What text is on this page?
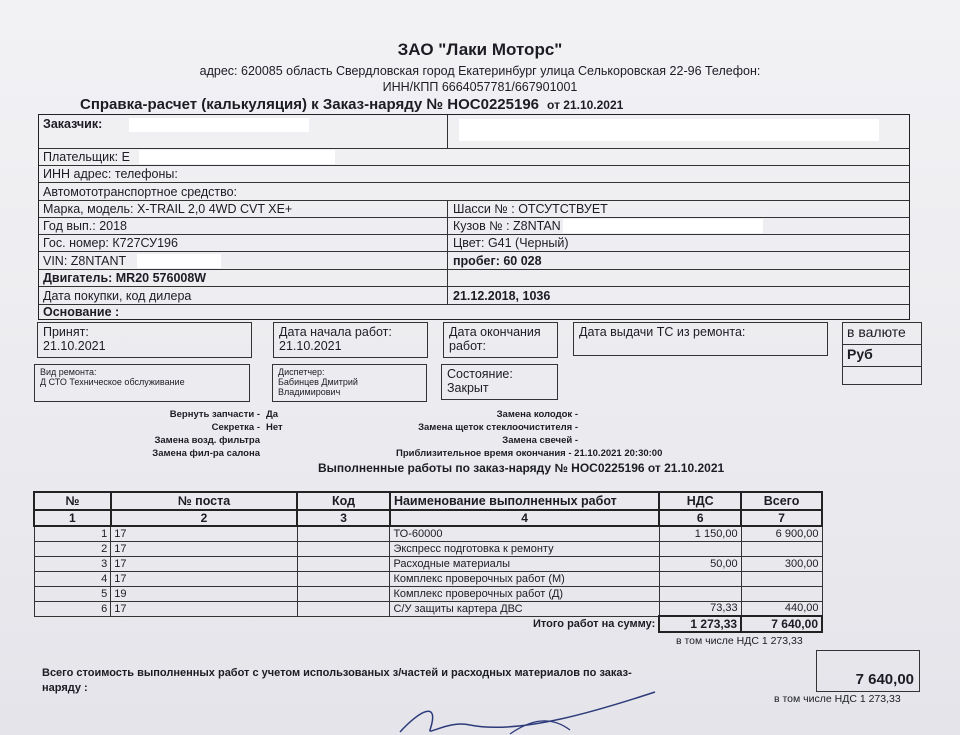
ЗАО "Лаки Моторс"
адрес: 620085 область Свердловская город Екатеринбург улица Селькоровская 22-96 Телефон:
ИНН/КПП 6664057781/667901001
Справка-расчет (калькуляция) к Заказ-наряду № НОС0225196 от 21.10.2021
Заказчик:
Плательщик: Е
ИНН адрес: телефоны:
Автомототранспортное средство:
Марка, модель: X-TRAIL 2,0 4WD CVT XE+	Шасси № : ОТСУТСТВУЕТ
Год вып.: 2018	Кузов № : Z8NTAN
Гос. номер: К727СУ196	Цвет: G41 (Черный)
VIN: Z8NTANT	пробег: 60 028
Двигатель: MR20 576008W
Дата покупки, код дилера	21.12.2018, 1036
Основание :
Принят:
21.10.2021
Дата начала работ:
21.10.2021
Дата окончания работ:
Дата выдачи ТС из ремонта:	в валюте
Руб
Вид ремонта:
Д СТО Техническое обслуживание
Диспетчер:
Бабинцев Дмитрий Владимирович
Состояние:
Закрыт
Вернуть запчасти - Да
Секретка - Нет
Замена возд. фильтра
Замена фил-ра салона
Замена колодок -
Замена щеток стеклоочистителя -
Замена свечей -
Приблизительное время окончания - 21.10.2021 20:30:00
Выполненные работы по заказ-наряду № НОС0225196 от 21.10.2021
№	№ поста	Код	Наименование выполненных работ	НДС	Всего
1	2	3	4	6	7
1	17		ТО-60000	1 150,00	6 900,00
2	17		Экспресс подготовка к ремонту		
3	17		Расходные материалы	50,00	300,00
4	17		Комплекс проверочных работ (М)		
5	19		Комплекс проверочных работ (Д)		
6	17		С/У защиты картера ДВС	73,33	440,00
Итого работ на сумму:				1 273,33	7 640,00
в том числе НДС 1 273,33
Всего стоимость выполненных работ с учетом использованых з/частей и расходных материалов по заказ-наряду :	7 640,00
в том числе НДС 1 273,33
